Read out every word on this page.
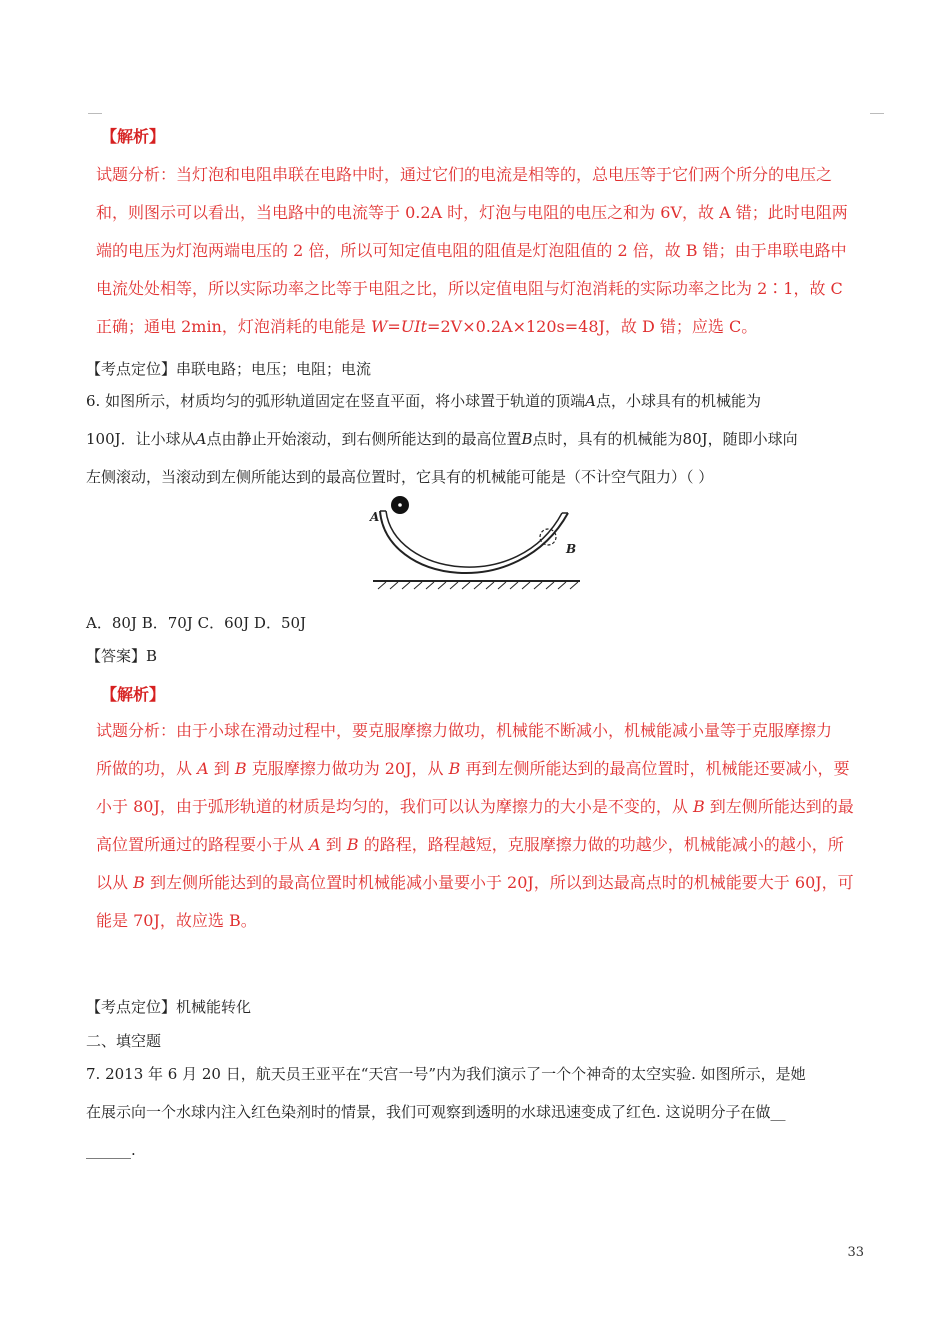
【解析】
试题分析：当灯泡和电阻串联在电路中时，通过它们的电流是相等的，总电压等于它们两个所分的电压之
和，则图示可以看出，当电路中的电流等于 0.2A 时，灯泡与电阻的电压之和为 6V，故 A 错；此时电阻两
端的电压为灯泡两端电压的 2 倍，所以可知定值电阻的阻值是灯泡阻值的 2 倍，故 B 错；由于串联电路中
电流处处相等，所以实际功率之比等于电阻之比，所以定值电阻与灯泡消耗的实际功率之比为 2∶1，故 C
正确；通电 2min，灯泡消耗的电能是 W=UIt=2V×0.2A×120s=48J，故 D 错；应选 C。
【考点定位】串联电路；电压；电阻；电流
6. 如图所示，材质均匀的弧形轨道固定在竖直平面，将小球置于轨道的顶端A点，小球具有的机械能为
100J．让小球从A点由静止开始滚动，到右侧所能达到的最高位置B点时，具有的机械能为80J，随即小球向
左侧滚动，当滚动到左侧所能达到的最高位置时，它具有的机械能可能是（不计空气阻力）（ ）
A
B
A．80J B．70J C．60J D．50J
【答案】B
【解析】
试题分析：由于小球在滑动过程中，要克服摩擦力做功，机械能不断减小，机械能减小量等于克服摩擦力
所做的功，从 A 到 B 克服摩擦力做功为 20J，从 B 再到左侧所能达到的最高位置时，机械能还要减小，要
小于 80J，由于弧形轨道的材质是均匀的，我们可以认为摩擦力的大小是不变的，从 B 到左侧所能达到的最
高位置所通过的路程要小于从 A 到 B 的路程，路程越短，克服摩擦力做的功越少，机械能减小的越小，所
以从 B 到左侧所能达到的最高位置时机械能减小量要小于 20J，所以到达最高点时的机械能要大于 60J，可
能是 70J，故应选 B。
【考点定位】机械能转化
二、填空题
7. 2013 年 6 月 20 日，航天员王亚平在“天宫一号”内为我们演示了一个个神奇的太空实验. 如图所示，是她
在展示向一个水球内注入红色染剂时的情景，我们可观察到透明的水球迅速变成了红色. 这说明分子在做__
______.
33
